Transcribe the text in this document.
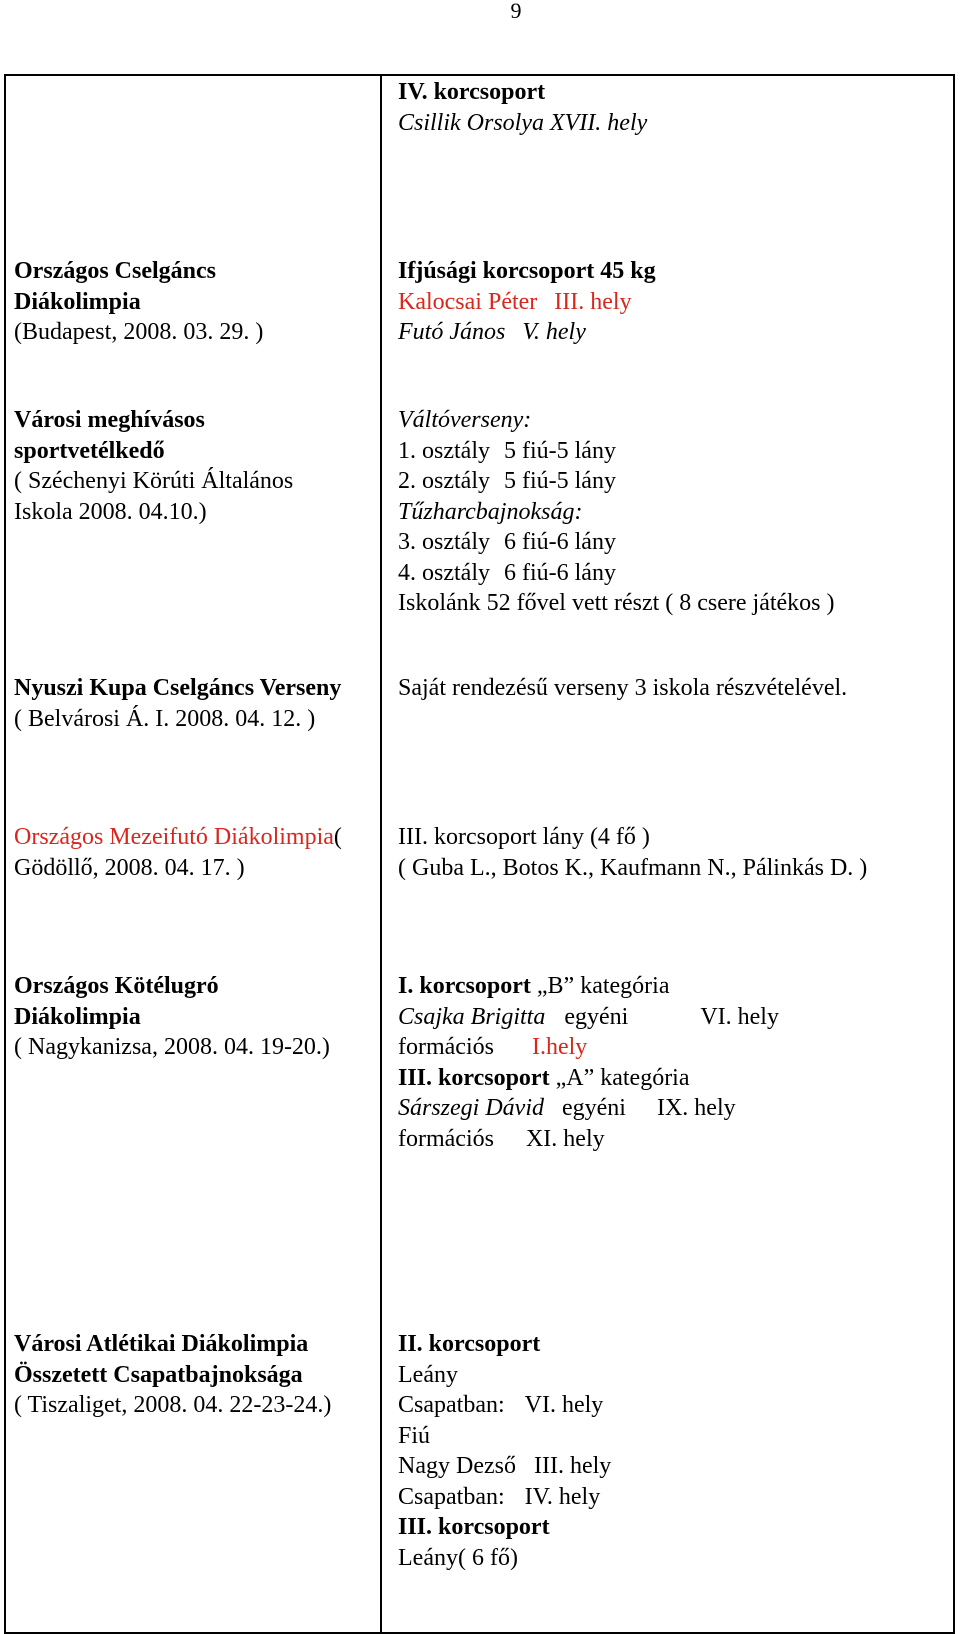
9
IV. korcsoport
Csillik Orsolya XVII. hely
Országos Cselgáncs
Diákolimpia
(Budapest, 2008. 03. 29. )
Ifjúsági korcsoport 45 kg
Kalocsai Péter III. hely
Futó János V. hely
Városi meghívásos
sportvetélkedő
( Széchenyi Körúti Általános
Iskola 2008. 04.10.)
Váltóverseny:
1. osztály 5 fiú-5 lány
2. osztály 5 fiú-5 lány
Tűzharcbajnokság:
3. osztály 6 fiú-6 lány
4. osztály 6 fiú-6 lány
Iskolánk 52 fővel vett részt ( 8 csere játékos )
Nyuszi Kupa Cselgáncs Verseny
( Belvárosi Á. I. 2008. 04. 12. )
Saját rendezésű verseny 3 iskola részvételével.
Országos Mezeifutó Diákolimpia(
Gödöllő, 2008. 04. 17. )
III. korcsoport lány (4 fő )
( Guba L., Botos K., Kaufmann N., Pálinkás D. )
Országos Kötélugró
Diákolimpia
( Nagykanizsa, 2008. 04. 19-20.)
I. korcsoport „B” kategória
Csajka Brigitta egyéni	VI. hely
formációs I.hely
III. korcsoport „A” kategória
Sárszegi Dávid egyéni IX. hely
formációs XI. hely
Városi Atlétikai Diákolimpia
Összetett Csapatbajnoksága
( Tiszaliget, 2008. 04. 22-23-24.)
II. korcsoport
Leány
Csapatban: VI. hely
Fiú
Nagy Dezső III. hely
Csapatban: IV. hely
III. korcsoport
Leány( 6 fő)
